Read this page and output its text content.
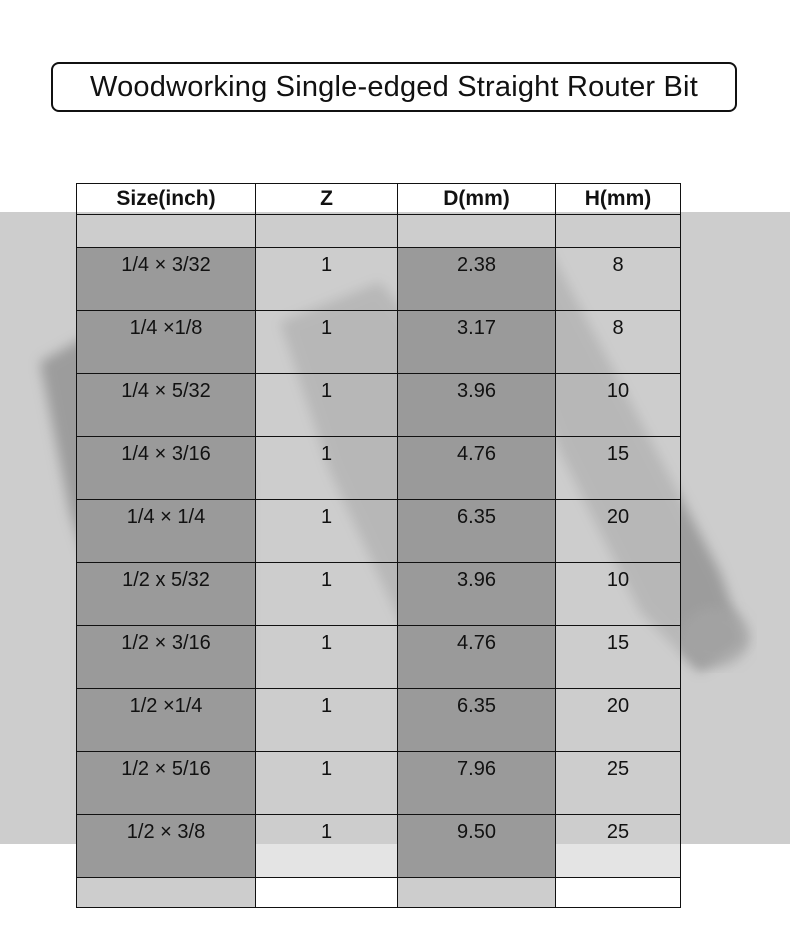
Woodworking Single-edged Straight Router Bit
Size(inch)	Z	D(mm)	H(mm)

1/4 × 3/32	1	2.38	8
1/4 ×1/8	1	3.17	8
1/4 × 5/32	1	3.96	10
1/4 × 3/16	1	4.76	15
1/4 × 1/4	1	6.35	20
1/2 x 5/32	1	3.96	10
1/2 × 3/16	1	4.76	15
1/2 ×1/4	1	6.35	20
1/2 × 5/16	1	7.96	25
1/2 × 3/8	1	9.50	25
